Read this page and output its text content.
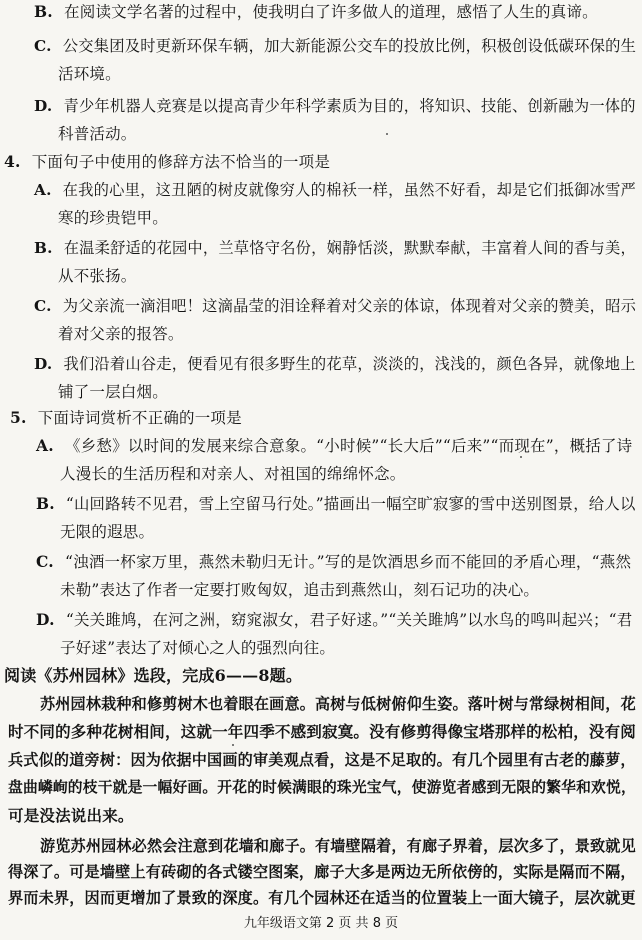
B. 在阅读文学名著的过程中，使我明白了许多做人的道理，感悟了人生的真谛。
C. 公交集团及时更新环保车辆，加大新能源公交车的投放比例，积极创设低碳环保的生
活环境。
D. 青少年机器人竞赛是以提高青少年科学素质为目的，将知识、技能、创新融为一体的
科普活动。
4. 下面句子中使用的修辞方法不恰当的一项是
A. 在我的心里，这丑陋的树皮就像穷人的棉袄一样，虽然不好看，却是它们抵御冰雪严
寒的珍贵铠甲。
B. 在温柔舒适的花园中，兰草恪守名份，娴静恬淡，默默奉献，丰富着人间的香与美，
从不张扬。
C. 为父亲流一滴泪吧！这滴晶莹的泪诠释着对父亲的体谅，体现着对父亲的赞美，昭示
着对父亲的报答。
D. 我们沿着山谷走，便看见有很多野生的花草，淡淡的，浅浅的，颜色各异，就像地上
铺了一层白烟。
5. 下面诗词赏析不正确的一项是
A. 《乡愁》以时间的发展来综合意象。“小时候”“长大后”“后来”“而现在”，概括了诗
人漫长的生活历程和对亲人、对祖国的绵绵怀念。
B. “山回路转不见君，雪上空留马行处。”描画出一幅空旷寂寥的雪中送别图景，给人以
无限的遐思。
C. “浊酒一杯家万里，燕然未勒归无计。”写的是饮酒思乡而不能回的矛盾心理，“燕然
未勒”表达了作者一定要打败匈奴，追击到燕然山，刻石记功的决心。
D. “关关雎鸠，在河之洲，窈窕淑女，君子好逑。”“关关雎鸠”以水鸟的鸣叫起兴；“君
子好逑”表达了对倾心之人的强烈向往。
阅读《苏州园林》选段，完成6——8题。
苏州园林栽种和修剪树木也着眼在画意。高树与低树俯仰生姿。落叶树与常绿树相间，花
时不同的多种花树相间，这就一年四季不感到寂寞。没有修剪得像宝塔那样的松柏，没有阅
兵式似的道旁树：因为依据中国画的审美观点看，这是不足取的。有几个园里有古老的藤萝，
盘曲嶙峋的枝干就是一幅好画。开花的时候满眼的珠光宝气，使游览者感到无限的繁华和欢悦，
可是没法说出来。
游览苏州园林必然会注意到花墙和廊子。有墙壁隔着，有廊子界着，层次多了，景致就见
得深了。可是墙壁上有砖砌的各式镂空图案，廊子大多是两边无所依傍的，实际是隔而不隔，
界而未界，因而更增加了景致的深度。有几个园林还在适当的位置装上一面大镜子，层次就更
九年级语文第 2 页 共 8 页
